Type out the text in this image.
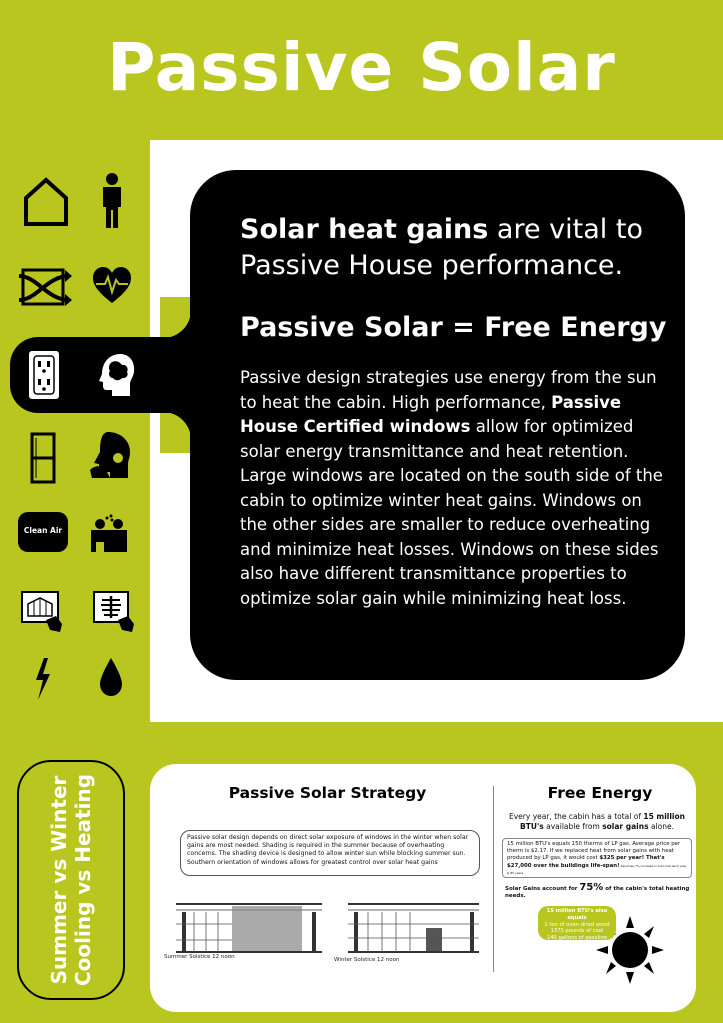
Passive Solar

Solar heat gains are vital to Passive House performance.

Passive Solar = Free Energy

Passive design strategies use energy from the sun to heat the cabin. High performance, Passive House Certified windows allow for optimized solar energy transmittance and heat retention. Large windows are located on the south side of the cabin to optimize winter heat gains. Windows on the other sides are smaller to reduce overheating and minimize heat losses. Windows on these sides also have different transmittance properties to optimize solar gain while minimizing heat loss.

Clean Air
Summer vs Winter Cooling vs Heating	Passive Solar Strategy
Passive solar design depends on direct solar exposure of windows in the winter when solar gains are most needed. Shading is required in the summer because of overheating concerns. The shading device is designed to allow winter sun while blocking summer sun. Southern orientation of windows allows for greatest control over solar heat gains
Summer Solstice 12 noon	Winter Solstice 12 noon
Free Energy
Every year, the cabin has a total of 15 million BTU's available from solar gains alone.
15 million BTU's equals 150 therms of LP gas. Average price per therm is $2.17. If we replaced heat from solar gains with heat produced by LP gas, it would cost $325 per year! That's $27,000 over the buildings life-span! Assumes 7% increase in fuel cost each year & 85 years
Solar Gains account for 75% of the cabin's total heating needs.
15 million BTU's also equals
1 ton of oven-dried wood
1375 pounds of coal
140 gallons of gasoline
